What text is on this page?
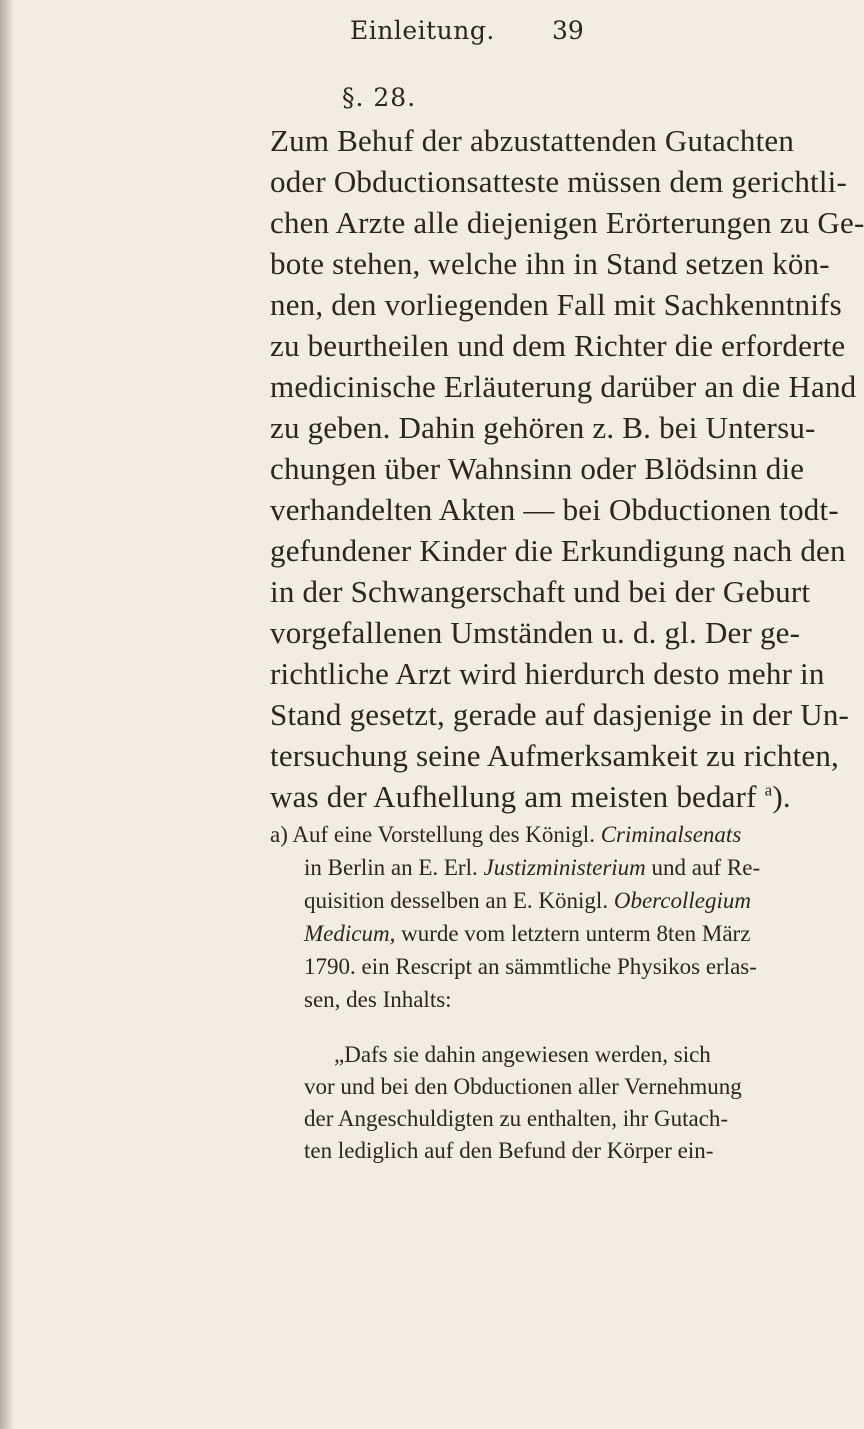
Einleitung. 39
§. 28.
Zum Behuf der abzustattenden Gutachten
oder Obductionsatteste müssen dem gerichtli-
chen Arzte alle diejenigen Erörterungen zu Ge-
bote stehen, welche ihn in Stand setzen kön-
nen, den vorliegenden Fall mit Sachkenntnifs
zu beurtheilen und dem Richter die erforderte
medicinische Erläuterung darüber an die Hand
zu geben. Dahin gehören z. B. bei Untersu-
chungen über Wahnsinn oder Blödsinn die
verhandelten Akten — bei Obductionen todt-
gefundener Kinder die Erkundigung nach den
in der Schwangerschaft und bei der Geburt
vorgefallenen Umständen u. d. gl. Der ge-
richtliche Arzt wird hierdurch desto mehr in
Stand gesetzt, gerade auf dasjenige in der Un-
tersuchung seine Aufmerksamkeit zu richten,
was der Aufhellung am meisten bedarf $^a$).
a) Auf eine Vorstellung des Königl. Criminalsenats
in Berlin an E. Erl. Justizministerium und auf Re-
quisition desselben an E. Königl. Obercollegium
Medicum, wurde vom letztern unterm 8ten März
1790. ein Rescript an sämmtliche Physikos erlas-
sen, des Inhalts:
„Dafs sie dahin angewiesen werden, sich
vor und bei den Obductionen aller Vernehmung
der Angeschuldigten zu enthalten, ihr Gutach-
ten lediglich auf den Befund der Körper ein-
